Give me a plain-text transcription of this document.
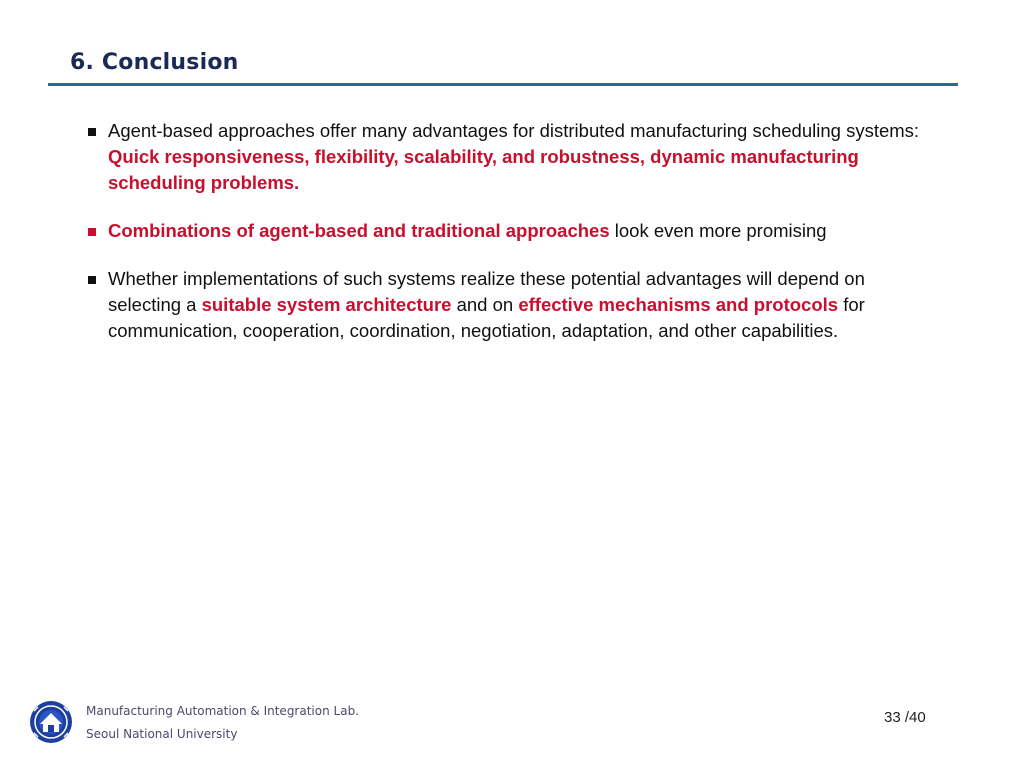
6. Conclusion
Agent-based approaches offer many advantages for distributed manufacturing scheduling systems: Quick responsiveness, flexibility, scalability, and robustness, dynamic manufacturing scheduling problems.
Combinations of agent-based and traditional approaches look even more promising
Whether implementations of such systems realize these potential advantages will depend on selecting a suitable system architecture and on effective mechanisms and protocols for communication, cooperation, coordination, negotiation, adaptation, and other capabilities.
Manufacturing Automation & Integration Lab.
Seoul National University
33 /40
